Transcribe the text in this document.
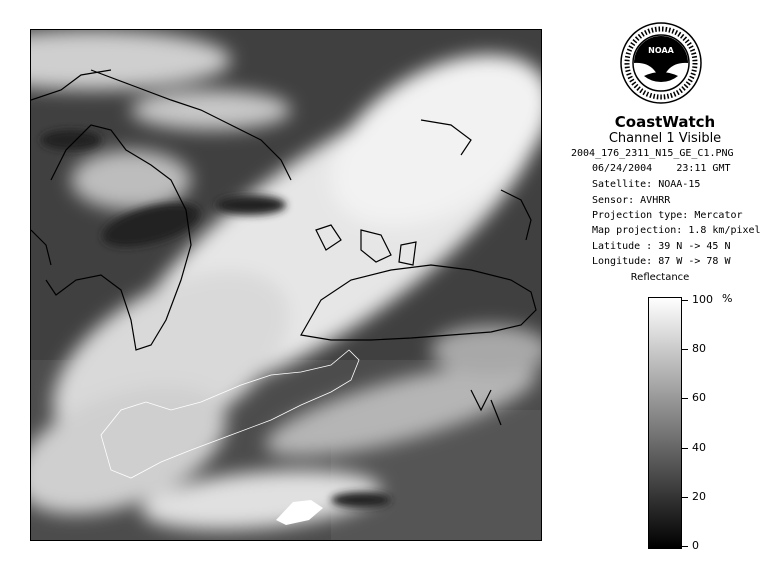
NOAA
CoastWatch
Channel 1 Visible
2004_176_2311_N15_GE_C1.PNG
06/24/2004 23:11 GMT
Satellite: NOAA-15
Sensor: AVHRR
Projection type: Mercator
Map projection: 1.8 km/pixel
Latitude : 39 N -> 45 N
Longitude: 87 W -> 78 W
Reflectance
%
100
80
60
40
20
0
